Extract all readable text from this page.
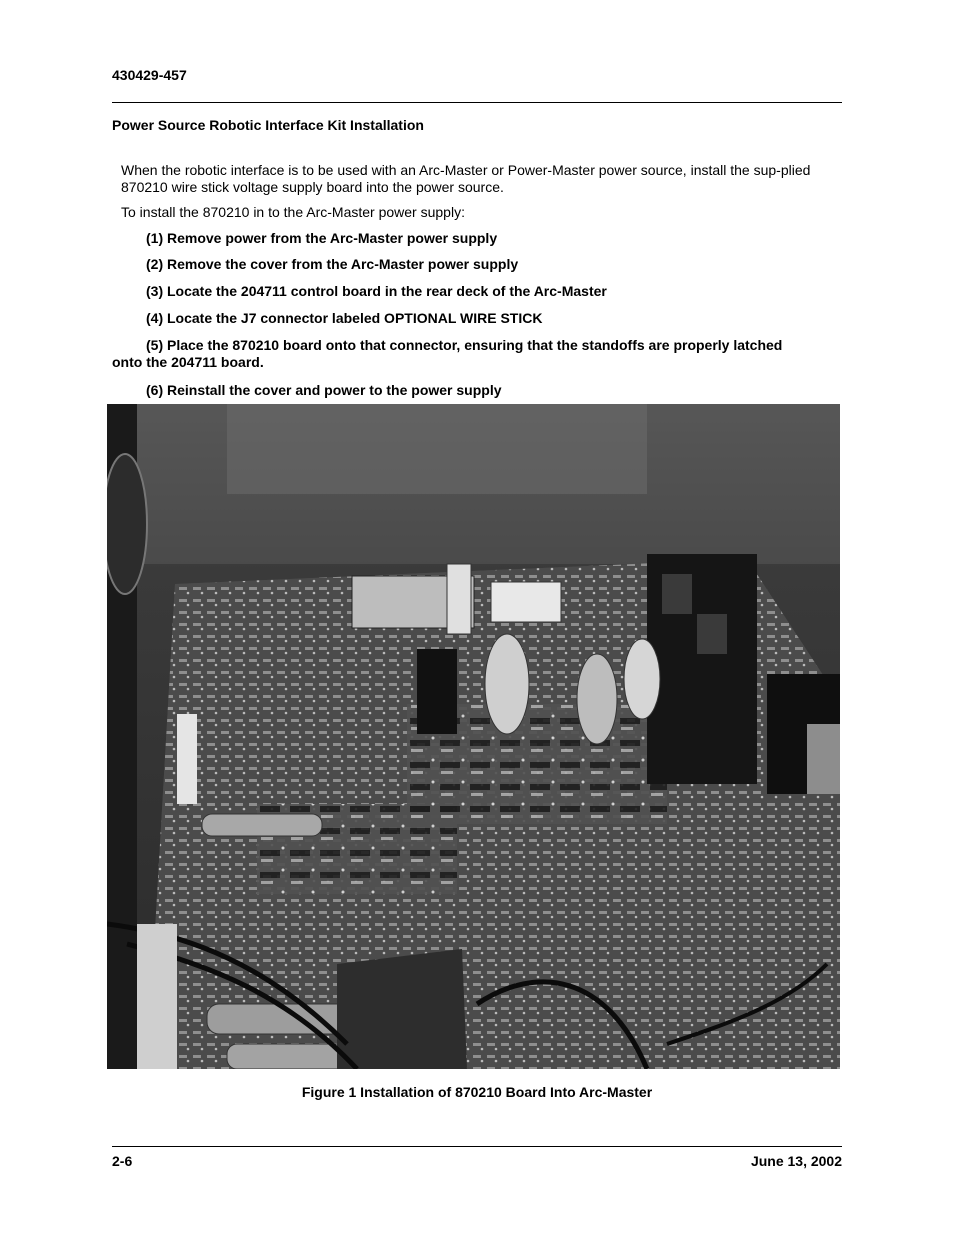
430429-457
Power Source Robotic Interface Kit Installation
When the robotic interface is to be used with an Arc-Master or Power-Master power source, install the sup-plied 870210 wire stick voltage supply board into the power source.
To install the 870210 in to the Arc-Master power supply:
(1) Remove power from the Arc-Master power supply
(2) Remove the cover from the Arc-Master power supply
(3) Locate the 204711 control board in the rear deck of the Arc-Master
(4) Locate the J7 connector labeled OPTIONAL WIRE STICK
(5) Place the 870210 board onto that connector, ensuring that the standoffs are properly latched onto the 204711 board.
(6) Reinstall the cover and power to the power supply
Figure 1 Installation of 870210 Board Into Arc-Master
2-6	June 13, 2002
